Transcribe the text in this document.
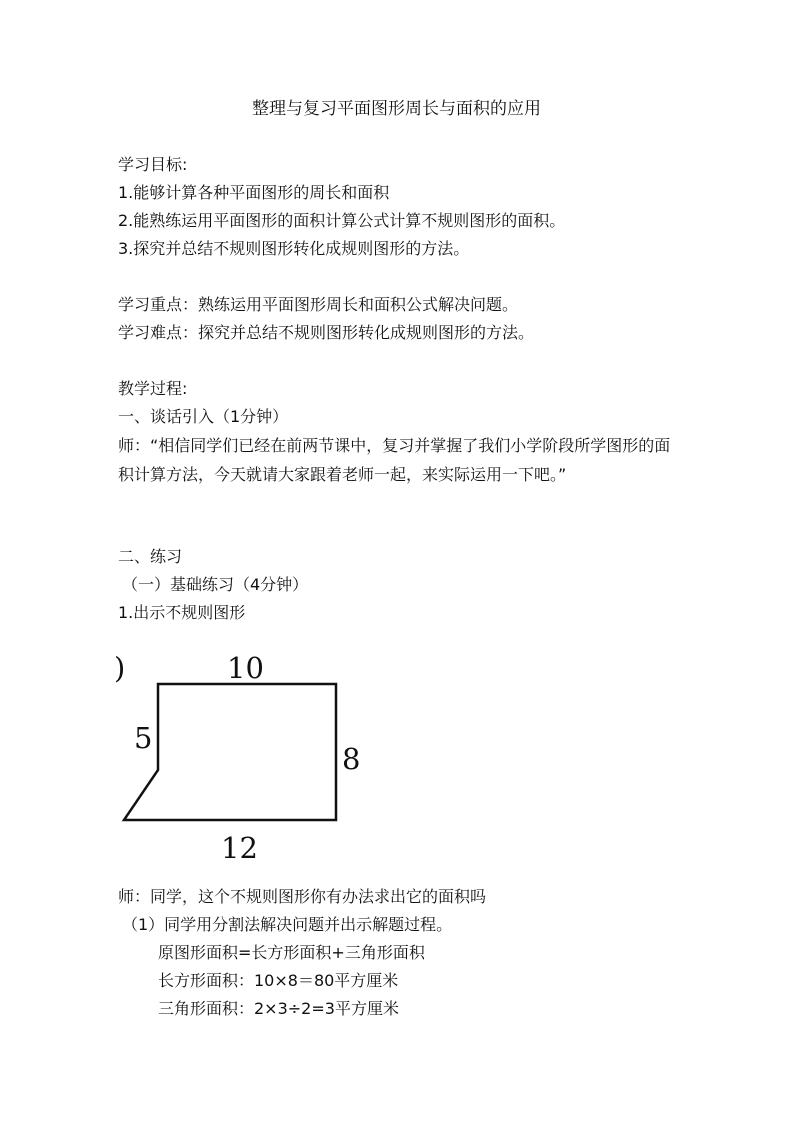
整理与复习平面图形周长与面积的应用
学习目标:
1.能够计算各种平面图形的周长和面积
2.能熟练运用平面图形的面积计算公式计算不规则图形的面积。
3.探究并总结不规则图形转化成规则图形的方法。
学习重点：熟练运用平面图形周长和面积公式解决问题。
学习难点：探究并总结不规则图形转化成规则图形的方法。
教学过程:
一、谈话引入（1分钟）
师：“相信同学们已经在前两节课中，复习并掌握了我们小学阶段所学图形的面积计算方法，今天就请大家跟着老师一起，来实际运用一下吧。”
二、练习
（一）基础练习（4分钟）
1.出示不规则图形
)	10
5
8
12
师：同学，这个不规则图形你有办法求出它的面积吗
（1）同学用分割法解决问题并出示解题过程。
原图形面积=长方形面积+三角形面积
长方形面积：10×8＝80平方厘米
三角形面积：2×3÷2=3平方厘米
